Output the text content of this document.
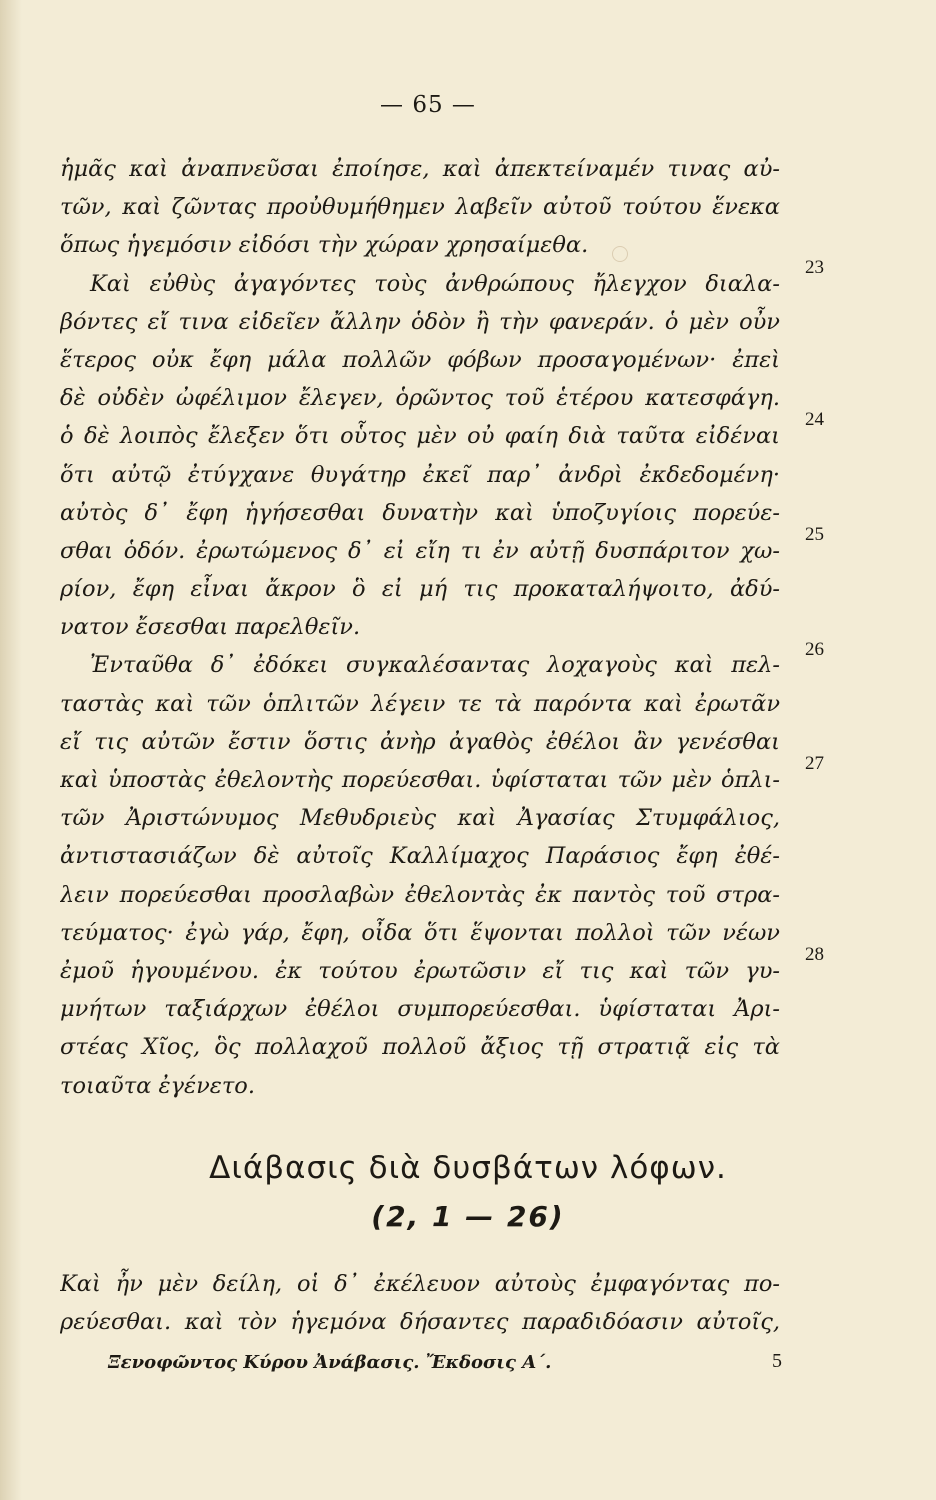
— 65 —
ἡμᾶς καὶ ἀναπνεῦσαι ἐποίησε, καὶ ἀπεκτείναμέν τινας αὐ-
τῶν, καὶ ζῶντας προὐθυμήθημεν λαβεῖν αὐτοῦ τούτου ἕνεκα
ὅπως ἡγεμόσιν εἰδόσι τὴν χώραν χρησαίμεθα.
Καὶ εὐθὺς ἀγαγόντες τοὺς ἀνθρώπους ἤλεγχον διαλα-
βόντες εἴ τινα εἰδεῖεν ἄλλην ὁδὸν ἢ τὴν φανεράν. ὁ μὲν οὖν
ἕτερος οὐκ ἔφη μάλα πολλῶν φόβων προσαγομένων· ἐπεὶ
δὲ οὐδὲν ὠφέλιμον ἔλεγεν, ὁρῶντος τοῦ ἑτέρου κατεσφάγη.
ὁ δὲ λοιπὸς ἔλεξεν ὅτι οὗτος μὲν οὐ φαίη διὰ ταῦτα εἰδέναι
ὅτι αὐτῷ ἐτύγχανε θυγάτηρ ἐκεῖ παρ᾽ ἀνδρὶ ἐκδεδομένη·
αὐτὸς δ᾽ ἔφη ἡγήσεσθαι δυνατὴν καὶ ὑποζυγίοις πορεύε-
σθαι ὁδόν. ἐρωτώμενος δ᾽ εἰ εἴη τι ἐν αὐτῇ δυσπάριτον χω-
ρίον, ἔφη εἶναι ἄκρον ὃ εἰ μή τις προκαταλήψοιτο, ἀδύ-
νατον ἔσεσθαι παρελθεῖν.
Ἐνταῦθα δ᾽ ἐδόκει συγκαλέσαντας λοχαγοὺς καὶ πελ-
ταστὰς καὶ τῶν ὁπλιτῶν λέγειν τε τὰ παρόντα καὶ ἐρωτᾶν
εἴ τις αὐτῶν ἔστιν ὅστις ἀνὴρ ἀγαθὸς ἐθέλοι ἂν γενέσθαι
καὶ ὑποστὰς ἐθελοντὴς πορεύεσθαι. ὑφίσταται τῶν μὲν ὁπλι-
τῶν Ἀριστώνυμος Μεθυδριεὺς καὶ Ἀγασίας Στυμφάλιος,
ἀντιστασιάζων δὲ αὐτοῖς Καλλίμαχος Παράσιος ἔφη ἐθέ-
λειν πορεύεσθαι προσλαβὼν ἐθελοντὰς ἐκ παντὸς τοῦ στρα-
τεύματος· ἐγὼ γάρ, ἔφη, οἶδα ὅτι ἕψονται πολλοὶ τῶν νέων
ἐμοῦ ἡγουμένου. ἐκ τούτου ἐρωτῶσιν εἴ τις καὶ τῶν γυ-
μνήτων ταξιάρχων ἐθέλοι συμπορεύεσθαι. ὑφίσταται Ἀρι-
στέας Χῖος, ὃς πολλαχοῦ πολλοῦ ἄξιος τῇ στρατιᾷ εἰς τὰ
τοιαῦτα ἐγένετο.
23
24
25
26
27
28
Διάβασις διὰ δυσβάτων λόφων.
(2, 1 — 26)
Καὶ ἦν μὲν δείλη, οἱ δ᾽ ἐκέλευον αὐτοὺς ἐμφαγόντας πο-
ρεύεσθαι. καὶ τὸν ἡγεμόνα δήσαντες παραδιδόασιν αὐτοῖς,
Ξενοφῶντος Κύρου Ἀνάβασις. Ἔκδοσις Α΄.	5
